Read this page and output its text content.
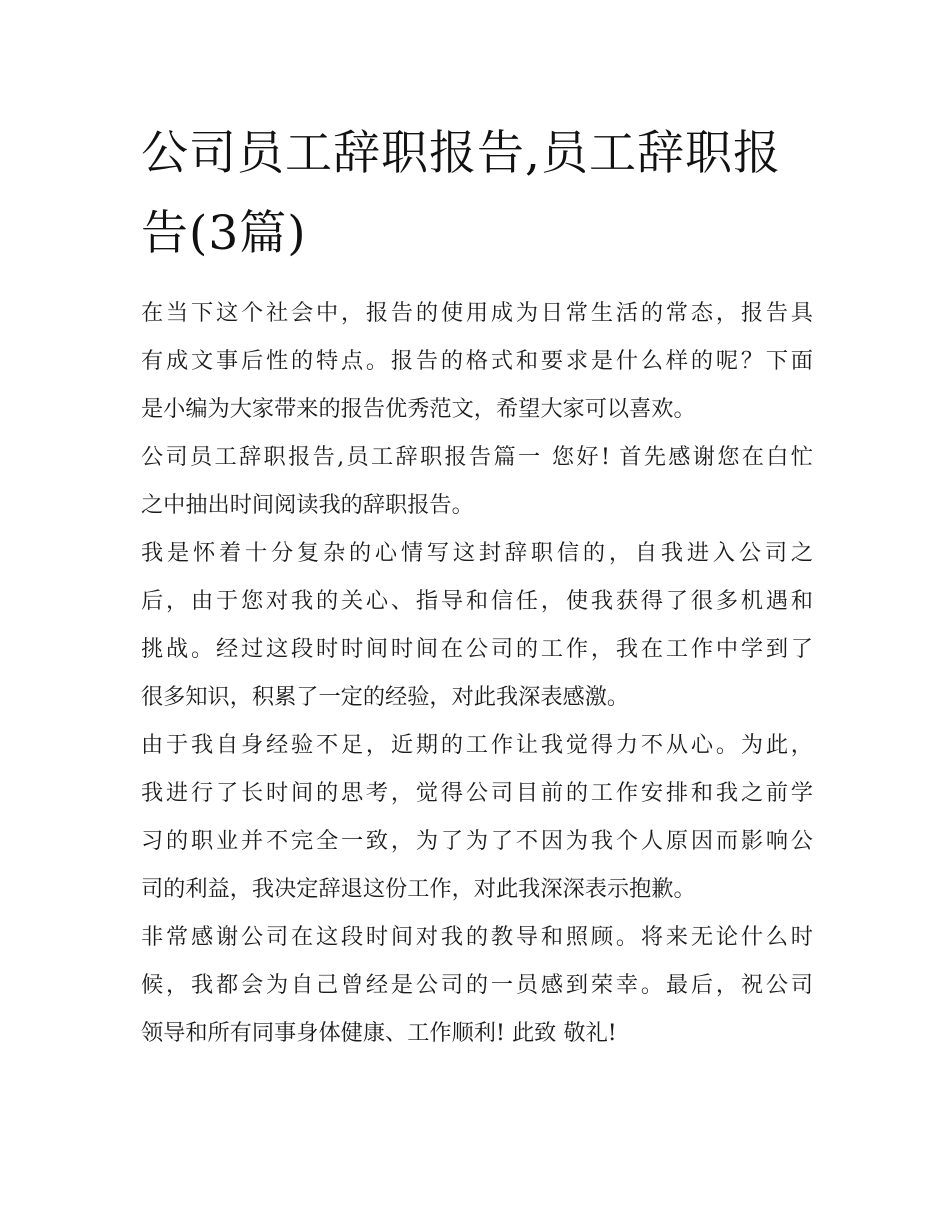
公司员工辞职报告,员工辞职报
告(3篇)

在当下这个社会中，报告的使用成为日常生活的常态，报告具
有成文事后性的特点。报告的格式和要求是什么样的呢？下面
是小编为大家带来的报告优秀范文，希望大家可以喜欢。

公司员工辞职报告,员工辞职报告篇一 您好! 首先感谢您在白忙
之中抽出时间阅读我的辞职报告。

我是怀着十分复杂的心情写这封辞职信的，自我进入公司之
后，由于您对我的关心、指导和信任，使我获得了很多机遇和
挑战。经过这段时时间时间在公司的工作，我在工作中学到了
很多知识，积累了一定的经验，对此我深表感激。

由于我自身经验不足，近期的工作让我觉得力不从心。为此，
我进行了长时间的思考，觉得公司目前的工作安排和我之前学
习的职业并不完全一致，为了为了不因为我个人原因而影响公
司的利益，我决定辞退这份工作，对此我深深表示抱歉。

非常感谢公司在这段时间对我的教导和照顾。将来无论什么时
候，我都会为自己曾经是公司的一员感到荣幸。最后，祝公司
领导和所有同事身体健康、工作顺利! 此致 敬礼!
